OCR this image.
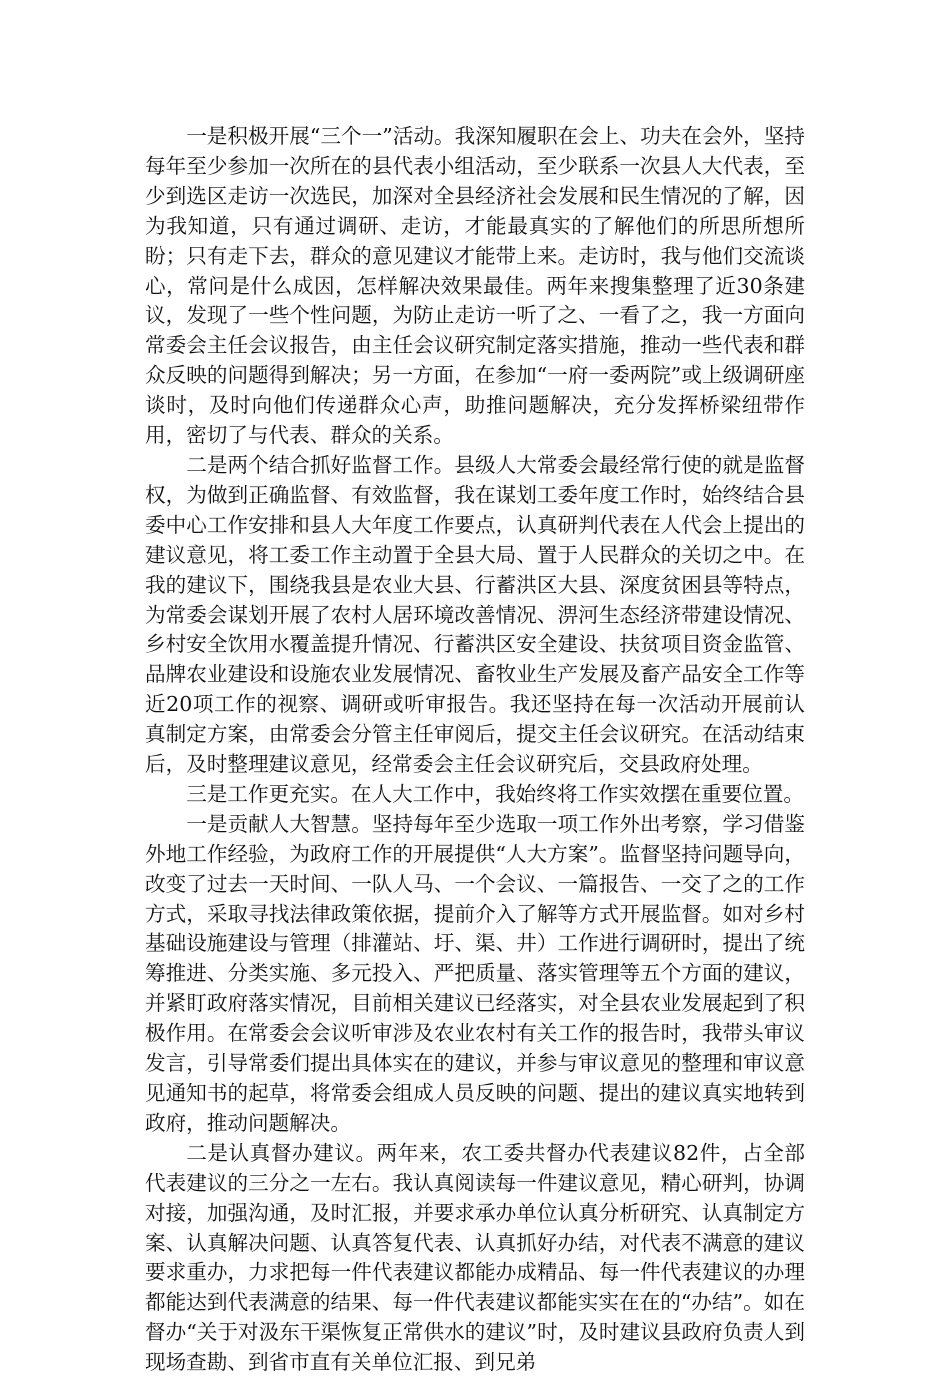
一是积极开展“三个一”活动。我深知履职在会上、功夫在会外，坚持每年至少参加一次所在的县代表小组活动，至少联系一次县人大代表，至少到选区走访一次选民，加深对全县经济社会发展和民生情况的了解，因为我知道，只有通过调研、走访，才能最真实的了解他们的所思所想所盼；只有走下去，群众的意见建议才能带上来。走访时，我与他们交流谈心，常问是什么成因，怎样解决效果最佳。两年来搜集整理了近30条建议，发现了一些个性问题，为防止走访一听了之、一看了之，我一方面向常委会主任会议报告，由主任会议研究制定落实措施，推动一些代表和群众反映的问题得到解决；另一方面，在参加“一府一委两院”或上级调研座谈时，及时向他们传递群众心声，助推问题解决，充分发挥桥梁纽带作用，密切了与代表、群众的关系。

二是两个结合抓好监督工作。县级人大常委会最经常行使的就是监督权，为做到正确监督、有效监督，我在谋划工委年度工作时，始终结合县委中心工作安排和县人大年度工作要点，认真研判代表在人代会上提出的建议意见，将工委工作主动置于全县大局、置于人民群众的关切之中。在我的建议下，围绕我县是农业大县、行蓄洪区大县、深度贫困县等特点，为常委会谋划开展了农村人居环境改善情况、淠河生态经济带建设情况、乡村安全饮用水覆盖提升情况、行蓄洪区安全建设、扶贫项目资金监管、品牌农业建设和设施农业发展情况、畜牧业生产发展及畜产品安全工作等近20项工作的视察、调研或听审报告。我还坚持在每一次活动开展前认真制定方案，由常委会分管主任审阅后，提交主任会议研究。在活动结束后，及时整理建议意见，经常委会主任会议研究后，交县政府处理。

三是工作更充实。在人大工作中，我始终将工作实效摆在重要位置。

一是贡献人大智慧。坚持每年至少选取一项工作外出考察，学习借鉴外地工作经验，为政府工作的开展提供“人大方案”。监督坚持问题导向，改变了过去一天时间、一队人马、一个会议、一篇报告、一交了之的工作方式，采取寻找法律政策依据，提前介入了解等方式开展监督。如对乡村基础设施建设与管理（排灌站、圩、渠、井）工作进行调研时，提出了统筹推进、分类实施、多元投入、严把质量、落实管理等五个方面的建议，并紧盯政府落实情况，目前相关建议已经落实，对全县农业发展起到了积极作用。在常委会会议听审涉及农业农村有关工作的报告时，我带头审议发言，引导常委们提出具体实在的建议，并参与审议意见的整理和审议意见通知书的起草，将常委会组成人员反映的问题、提出的建议真实地转到政府，推动问题解决。

二是认真督办建议。两年来，农工委共督办代表建议82件，占全部代表建议的三分之一左右。我认真阅读每一件建议意见，精心研判，协调对接，加强沟通，及时汇报，并要求承办单位认真分析研究、认真制定方案、认真解决问题、认真答复代表、认真抓好办结，对代表不满意的建议要求重办，力求把每一件代表建议都能办成精品、每一件代表建议的办理都能达到代表满意的结果、每一件代表建议都能实实在在的“办结”。如在督办“关于对汲东干渠恢复正常供水的建议”时，及时建议县政府负责人到现场查勘、到省市直有关单位汇报、到兄弟
